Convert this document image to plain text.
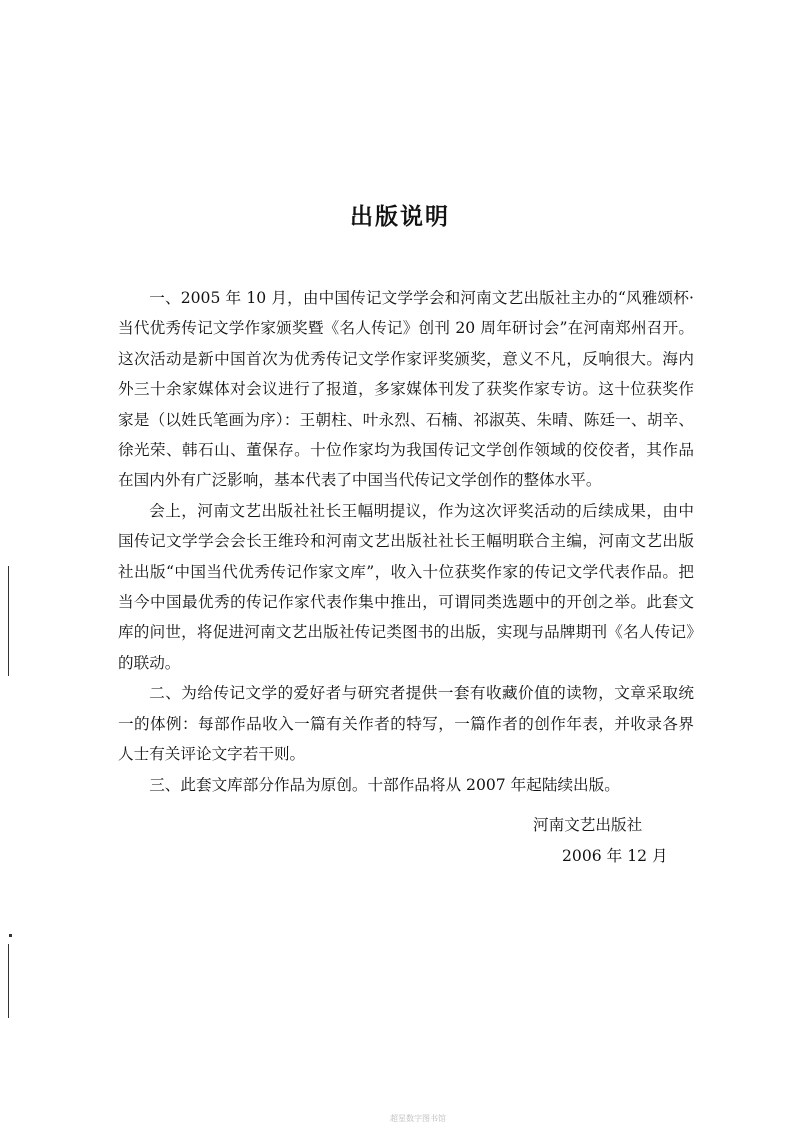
出版说明

一、2005 年 10 月，由中国传记文学学会和河南文艺出版社主办的“风雅颂杯·当代优秀传记文学作家颁奖暨《名人传记》创刊 20 周年研讨会”在河南郑州召开。这次活动是新中国首次为优秀传记文学作家评奖颁奖，意义不凡，反响很大。海内外三十余家媒体对会议进行了报道，多家媒体刊发了获奖作家专访。这十位获奖作家是（以姓氏笔画为序）：王朝柱、叶永烈、石楠、祁淑英、朱晴、陈廷一、胡辛、徐光荣、韩石山、董保存。十位作家均为我国传记文学创作领域的佼佼者，其作品在国内外有广泛影响，基本代表了中国当代传记文学创作的整体水平。

会上，河南文艺出版社社长王幅明提议，作为这次评奖活动的后续成果，由中国传记文学学会会长王维玲和河南文艺出版社社长王幅明联合主编，河南文艺出版社出版“中国当代优秀传记作家文库”，收入十位获奖作家的传记文学代表作品。把当今中国最优秀的传记作家代表作集中推出，可谓同类选题中的开创之举。此套文库的问世，将促进河南文艺出版社传记类图书的出版，实现与品牌期刊《名人传记》的联动。

二、为给传记文学的爱好者与研究者提供一套有收藏价值的读物，文章采取统一的体例：每部作品收入一篇有关作者的特写，一篇作者的创作年表，并收录各界人士有关评论文字若干则。

三、此套文库部分作品为原创。十部作品将从 2007 年起陆续出版。

河南文艺出版社
2006 年 12 月
超星数字图书馆
